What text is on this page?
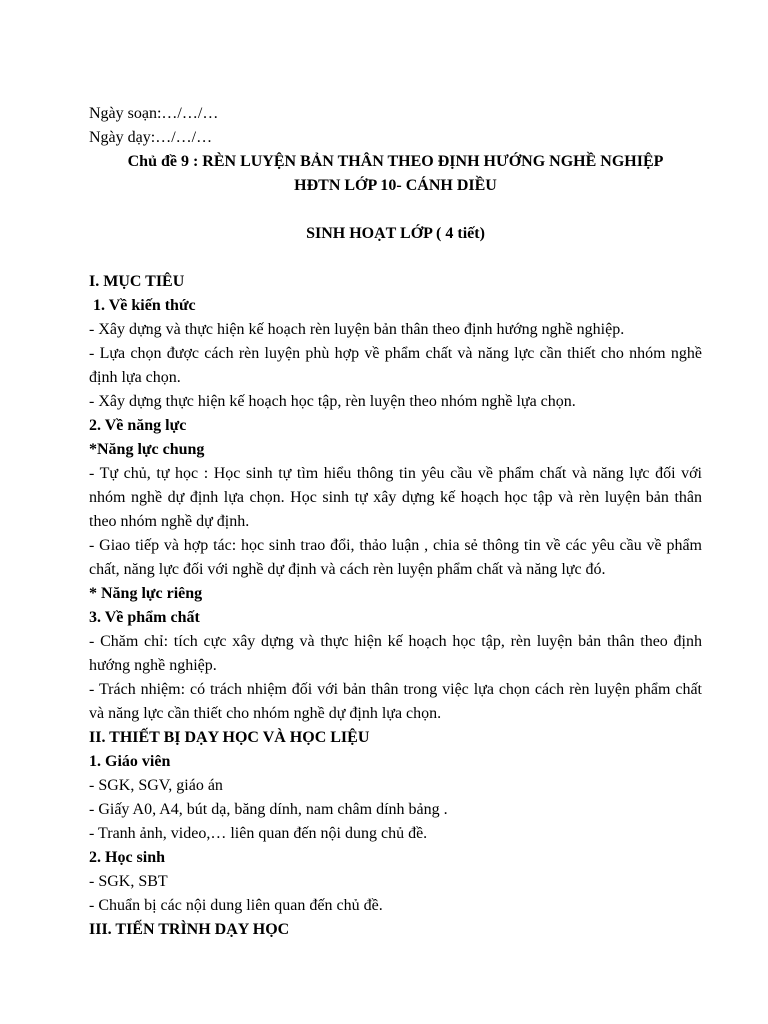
Ngày soạn:…/…/…
Ngày dạy:…/…/…
Chủ đề 9 : RÈN LUYỆN BẢN THÂN THEO ĐỊNH HƯỚNG NGHỀ NGHIỆP
HĐTN LỚP 10- CÁNH DIỀU
SINH HOẠT LỚP ( 4 tiết)
I. MỤC TIÊU
1. Về kiến thức
- Xây dựng và thực hiện kế hoạch rèn luyện bản thân theo định hướng nghề nghiệp.
- Lựa chọn được cách rèn luyện phù hợp về phẩm chất và năng lực cần thiết cho nhóm nghề định lựa chọn.
- Xây dựng thực hiện kế hoạch học tập, rèn luyện theo nhóm nghề lựa chọn.
2. Về năng lực
*Năng lực chung
- Tự chủ, tự học : Học sinh tự tìm hiểu thông tin yêu cầu về phẩm chất và năng lực đối với nhóm nghề dự định lựa chọn. Học sinh tự xây dựng kế hoạch học tập và rèn luyện bản thân theo nhóm nghề dự định.
- Giao tiếp và hợp tác: học sinh trao đổi, thảo luận , chia sẻ thông tin về các yêu cầu về phẩm chất, năng lực đối với nghề dự định và cách rèn luyện phẩm chất và năng lực đó.
* Năng lực riêng
3. Về phẩm chất
- Chăm chỉ: tích cực xây dựng và thực hiện kế hoạch học tập, rèn luyện bản thân theo định hướng nghề nghiệp.
- Trách nhiệm: có trách nhiệm đối với bản thân trong việc lựa chọn cách rèn luyện phẩm chất và năng lực cần thiết cho nhóm nghề dự định lựa chọn.
II. THIẾT BỊ DẠY HỌC VÀ HỌC LIỆU
1. Giáo viên
- SGK, SGV, giáo án
- Giấy A0, A4, bút dạ, băng dính, nam châm dính bảng .
- Tranh ảnh, video,… liên quan đến nội dung chủ đề.
2. Học sinh
- SGK, SBT
- Chuẩn bị các nội dung liên quan đến chủ đề.
III. TIẾN TRÌNH DẠY HỌC
